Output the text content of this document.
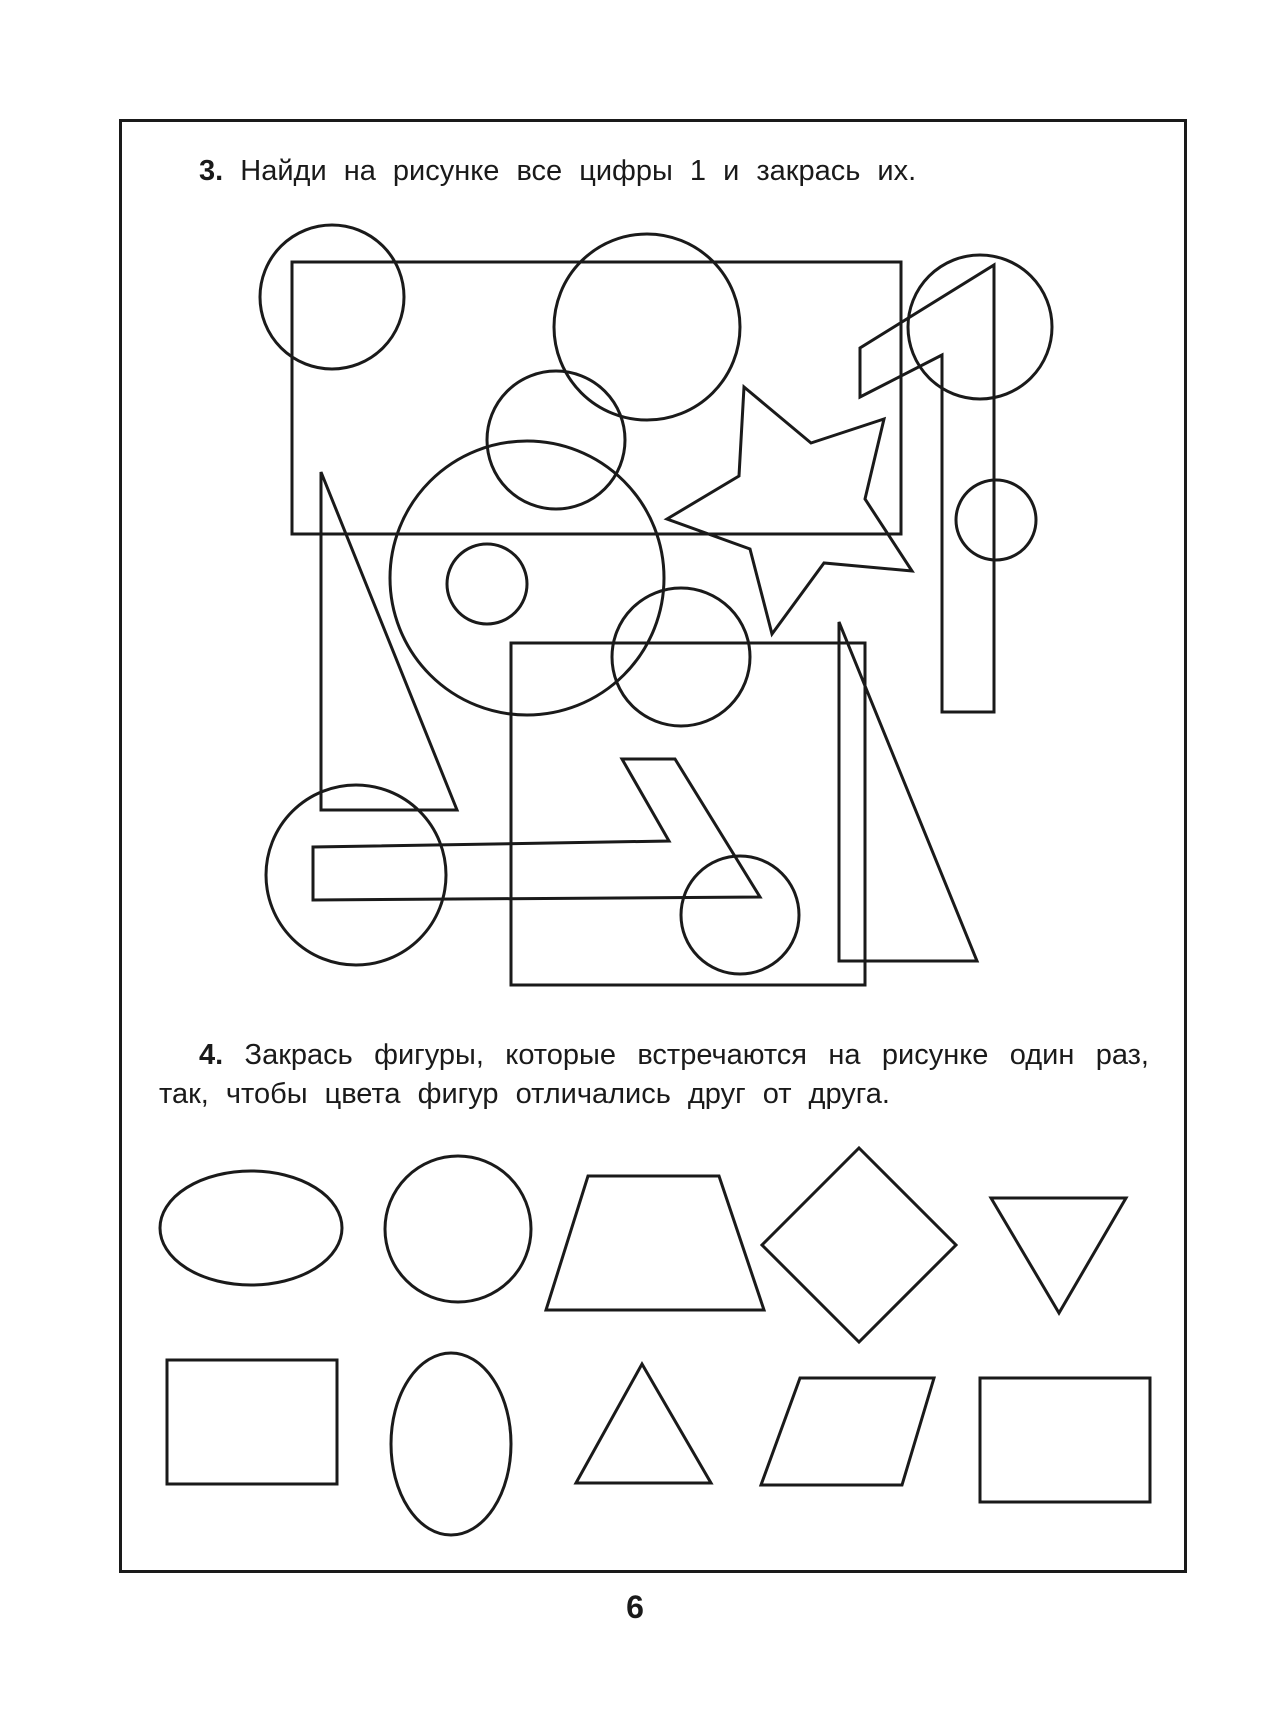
3. Найди на рисунке все цифры 1 и закрась их.
4. Закрась фигуры, которые встречаются на рисунке один раз, так, чтобы цвета фигур отличались друг от друга.
6
